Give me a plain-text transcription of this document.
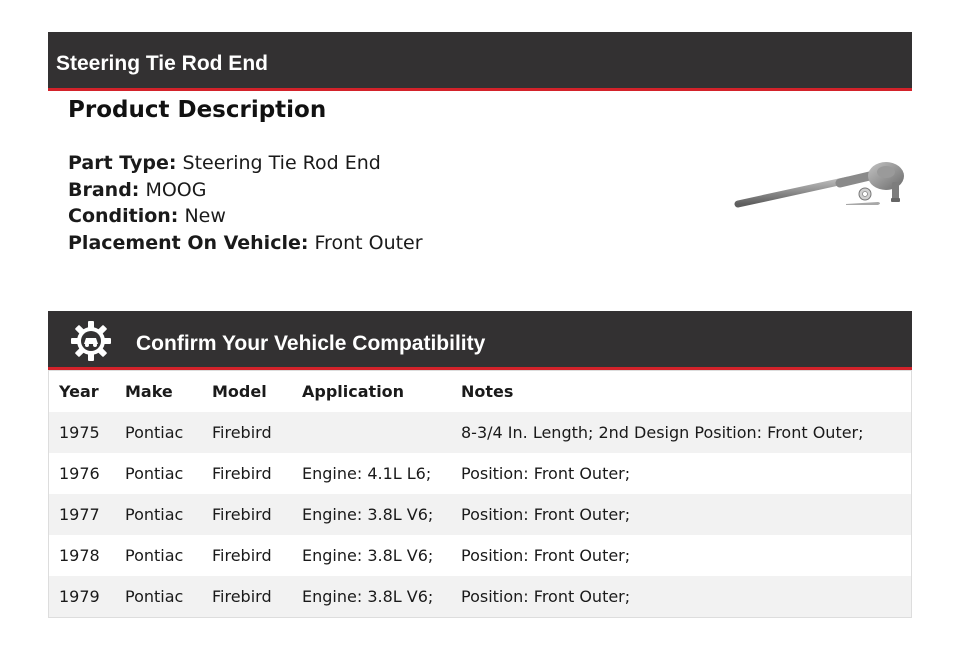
Steering Tie Rod End
Product Description
Part Type: Steering Tie Rod End
Brand: MOOG
Condition: New
Placement On Vehicle: Front Outer
Confirm Your Vehicle Compatibility
Year	Make	Model	Application	Notes
1975	Pontiac	Firebird		8-3/4 In. Length; 2nd Design Position: Front Outer;
1976	Pontiac	Firebird	Engine: 4.1L L6;	Position: Front Outer;
1977	Pontiac	Firebird	Engine: 3.8L V6;	Position: Front Outer;
1978	Pontiac	Firebird	Engine: 3.8L V6;	Position: Front Outer;
1979	Pontiac	Firebird	Engine: 3.8L V6;	Position: Front Outer;
